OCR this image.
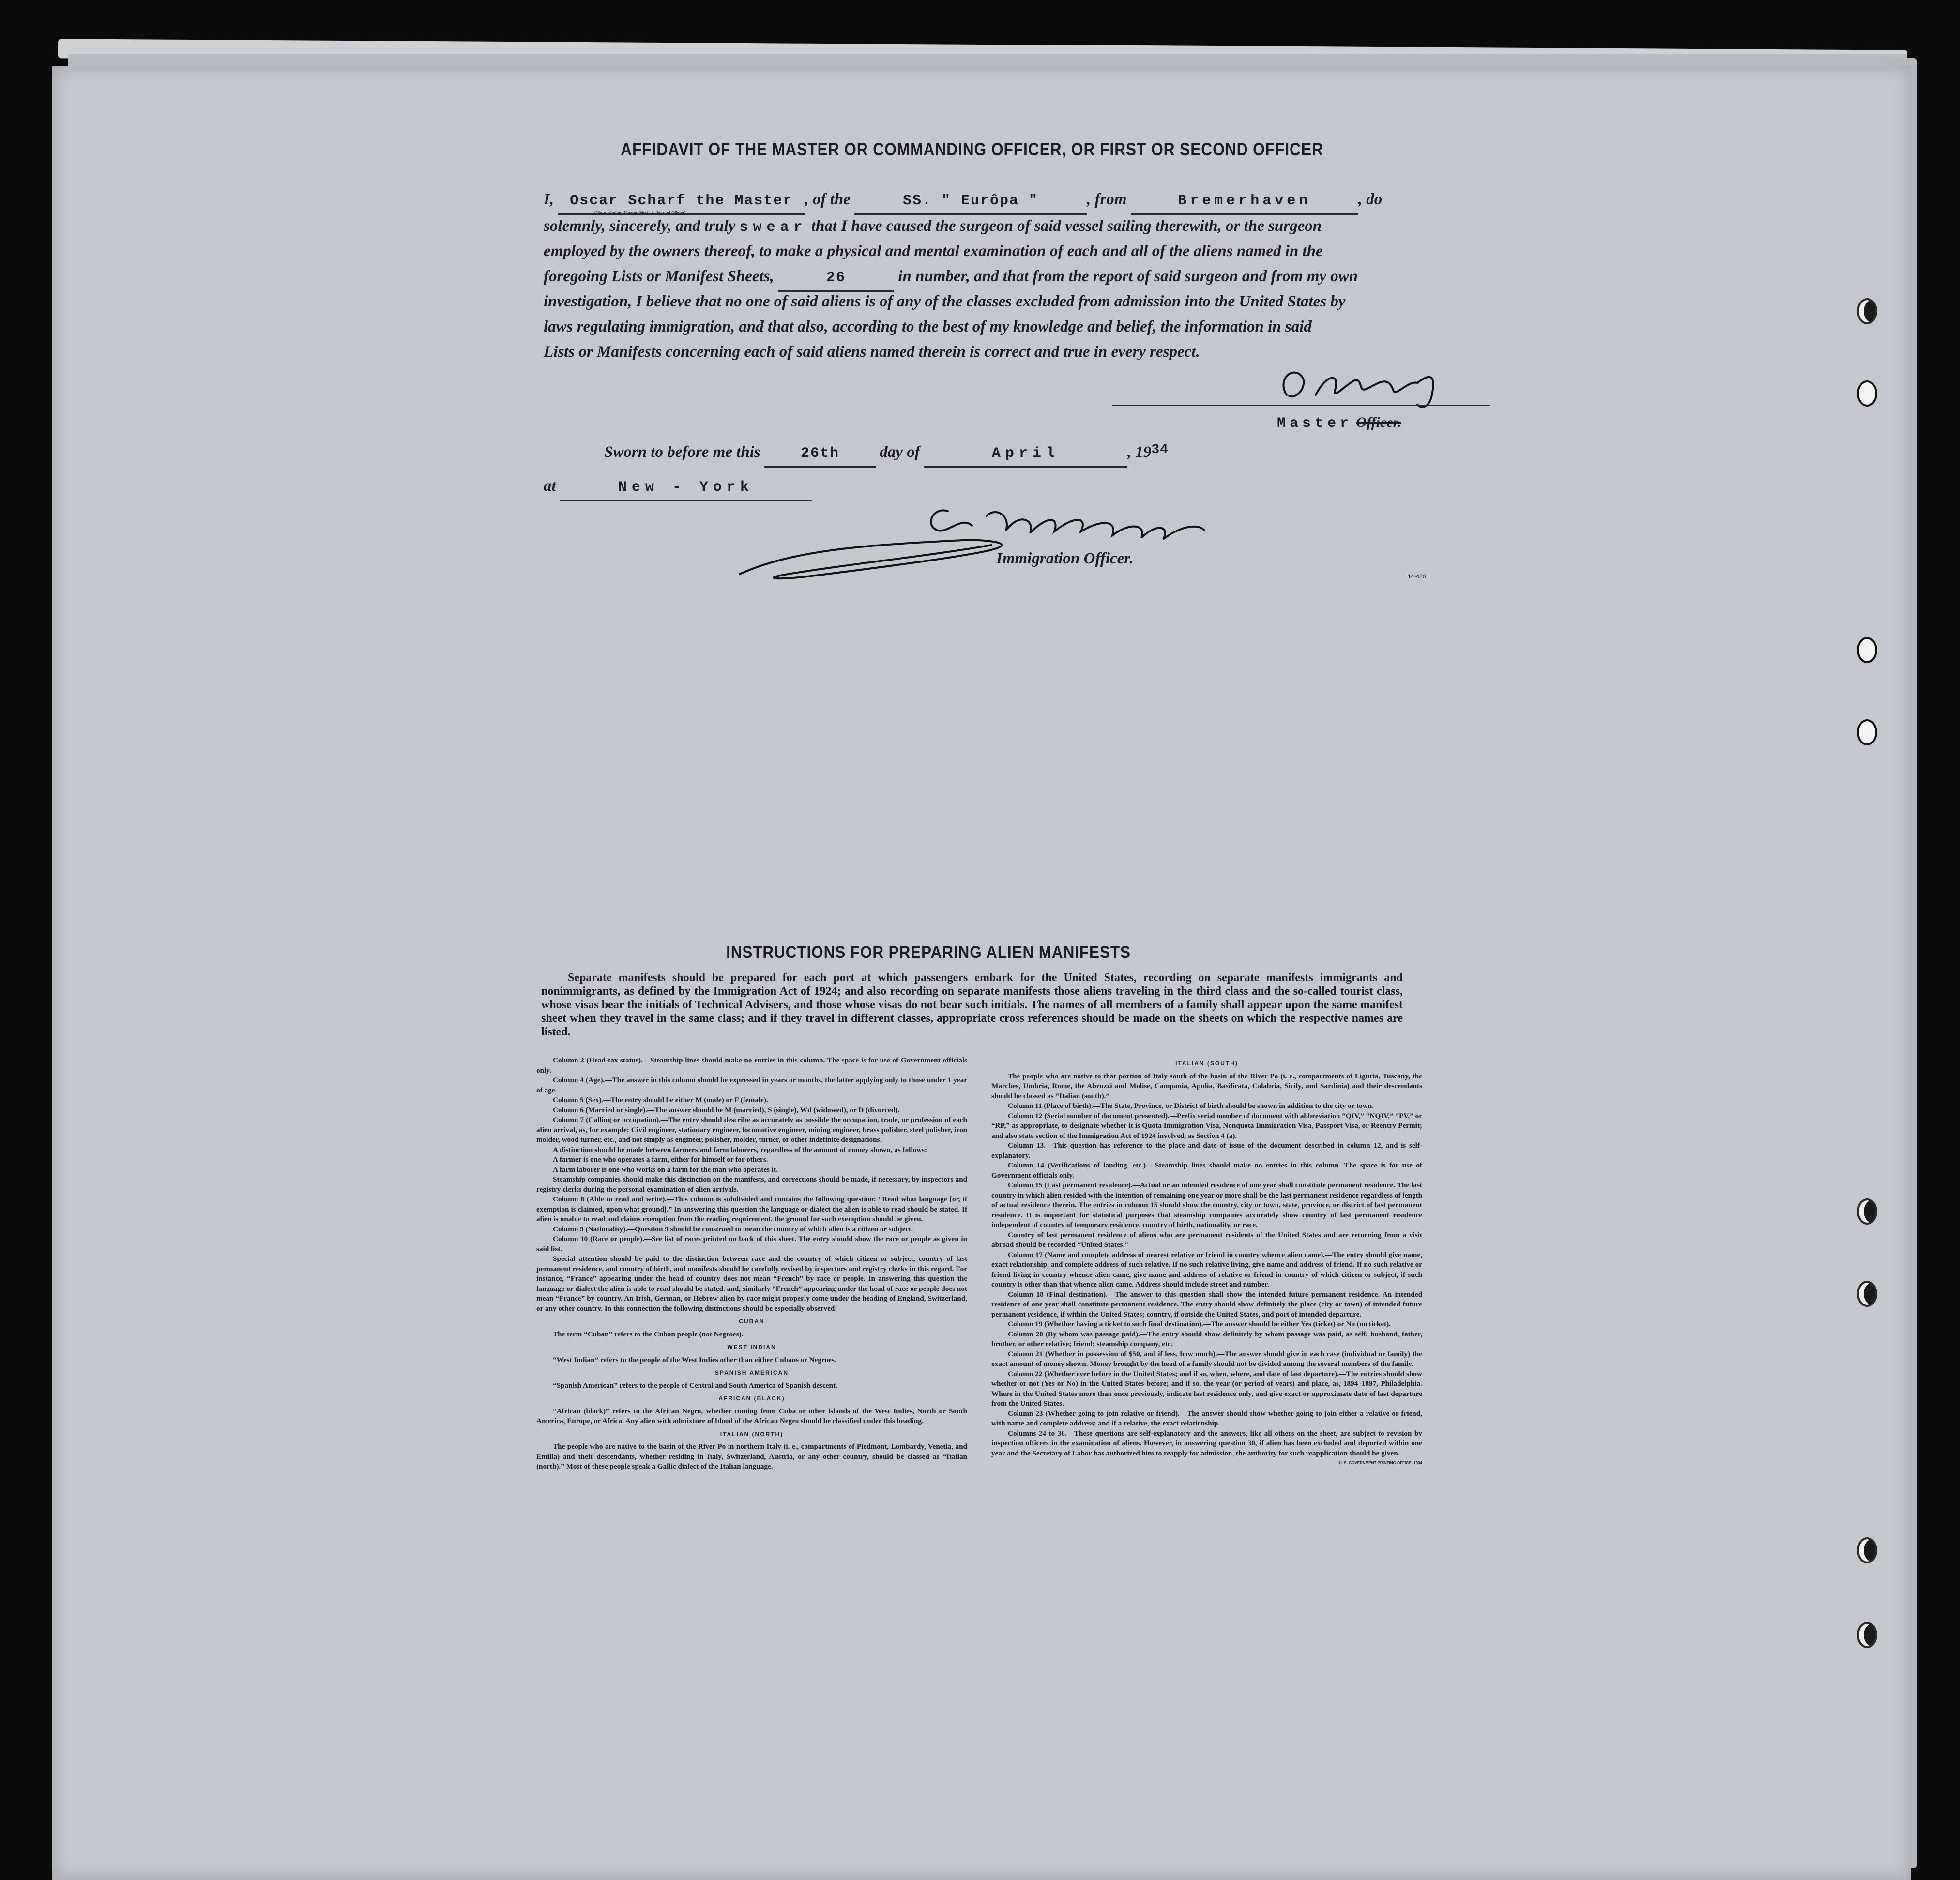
AFFIDAVIT OF THE MASTER OR COMMANDING OFFICER, OR FIRST OR SECOND OFFICER
I, Oscar Scharf the Master , of the	SS. " Eurôpa "	, from	Bremerhaven	, do
(State whether Master, First, or Second Officer)
solemnly, sincerely, and truly swear that I have caused the surgeon of said vessel sailing therewith, or the surgeon
employed by the owners thereof, to make a physical and mental examination of each and all of the aliens named in the
foregoing Lists or Manifest Sheets,	26	in number, and that from the report of said surgeon and from my own
investigation, I believe that no one of said aliens is of any of the classes excluded from admission into the United States by
laws regulating immigration, and that also, according to the best of my knowledge and belief, the information in said
Lists or Manifests concerning each of said aliens named therein is correct and true in every respect.
Master Officer.
Sworn to before me this	26th	day of	April	, $19^{34}$
at	New - York
Immigration Officer.
14-420
INSTRUCTIONS FOR PREPARING ALIEN MANIFESTS
Separate manifests should be prepared for each port at which passengers embark for the United States, recording on separate manifests immigrants and nonimmigrants, as defined by the Immigration Act of 1924; and also recording on separate manifests those aliens traveling in the third class and the so-called tourist class, whose visas bear the initials of Technical Advisers, and those whose visas do not bear such initials. The names of all members of a family shall appear upon the same manifest sheet when they travel in the same class; and if they travel in different classes, appropriate cross references should be made on the sheets on which the respective names are listed.

Column 2 (Head-tax status).—Steamship lines should make no entries in this column. The space is for use of Government officials only.

Column 4 (Age).—The answer in this column should be expressed in years or months, the latter applying only to those under 1 year of age.

Column 5 (Sex).—The entry should be either M (male) or F (female).

Column 6 (Married or single).—The answer should be M (married), S (single), Wd (widowed), or D (divorced).

Column 7 (Calling or occupation).—The entry should describe as accurately as possible the occupation, trade, or profession of each alien arrival, as, for example: Civil engineer, stationary engineer, locomotive engineer, mining engineer, brass polisher, steel polisher, iron molder, wood turner, etc., and not simply as engineer, polisher, molder, turner, or other indefinite designations.

A distinction should be made between farmers and farm laborers, regardless of the amount of money shown, as follows:

A farmer is one who operates a farm, either for himself or for others.

A farm laborer is one who works on a farm for the man who operates it.

Steamship companies should make this distinction on the manifests, and corrections should be made, if necessary, by inspectors and registry clerks during the personal examination of alien arrivals.

Column 8 (Able to read and write).—This column is subdivided and contains the following question: “Read what language [or, if exemption is claimed, upon what ground].” In answering this question the language or dialect the alien is able to read should be stated. If alien is unable to read and claims exemption from the reading requirement, the ground for such exemption should be given.

Column 9 (Nationality).—Question 9 should be construed to mean the country of which alien is a citizen or subject.

Column 10 (Race or people).—See list of races printed on back of this sheet. The entry should show the race or people as given in said list.

Special attention should be paid to the distinction between race and the country of which citizen or subject, country of last permanent residence, and country of birth, and manifests should be carefully revised by inspectors and registry clerks in this regard. For instance, “France” appearing under the head of country does not mean “French” by race or people. In answering this question the language or dialect the alien is able to read should be stated. and, similarly “French” appearing under the head of race or people does not mean “France” by country. An Irish, German, or Hebrew alien by race might properly come under the heading of England, Switzerland, or any other country. In this connection the following distinctions should be especially observed:

CUBAN

The term “Cuban” refers to the Cuban people (not Negroes).

WEST INDIAN

“West Indian” refers to the people of the West Indies other than either Cubans or Negroes.

SPANISH AMERICAN

“Spanish American” refers to the people of Central and South America of Spanish descent.

AFRICAN (BLACK)

“African (black)” refers to the African Negro, whether coming from Cuba or other islands of the West Indies, North or South America, Europe, or Africa. Any alien with admixture of blood of the African Negro should be classified under this heading.

ITALIAN (NORTH)

The people who are native to the basin of the River Po in northern Italy (i. e., compartments of Piedmont, Lombardy, Venetia, and Emilia) and their descendants, whether residing in Italy, Switzerland, Austria, or any other country, should be classed as “Italian (north).” Most of these people speak a Gallic dialect of the Italian language.

ITALIAN (SOUTH)

The people who are native to that portion of Italy south of the basin of the River Po (i. e., compartments of Liguria, Tuscany, the Marches, Umbria, Rome, the Abruzzi and Molise, Campania, Apulia, Basilicata, Calabria, Sicily, and Sardinia) and their descendants should be classed as “Italian (south).”

Column 11 (Place of birth).—The State, Province, or District of birth should be shown in addition to the city or town.

Column 12 (Serial number of document presented).—Prefix serial number of document with abbreviation “QIV,” “NQIV,” “PV,” or “RP,” as appropriate, to designate whether it is Quota Immigration Visa, Nonquota Immigration Visa, Passport Visa, or Reentry Permit; and also state section of the Immigration Act of 1924 involved, as Section 4 (a).

Column 13.—This question has reference to the place and date of issue of the document described in column 12, and is self-explanatory.

Column 14 (Verifications of landing, etc.).—Steamship lines should make no entries in this column. The space is for use of Government officials only.

Column 15 (Last permanent residence).—Actual or an intended residence of one year shall constitute permanent residence. The last country in which alien resided with the intention of remaining one year or more shall be the last permanent residence regardless of length of actual residence therein. The entries in column 15 should show the country, city or town, state, province, or district of last permanent residence. It is important for statistical purposes that steamship companies accurately show country of last permanent residence independent of country of temporary residence, country of birth, nationality, or race.

Country of last permanent residence of aliens who are permanent residents of the United States and are returning from a visit abroad should be recorded “United States.”

Column 17 (Name and complete address of nearest relative or friend in country whence alien came).—The entry should give name, exact relationship, and complete address of such relative. If no such relative living, give name and address of friend. If no such relative or friend living in country whence alien came, give name and address of relative or friend in country of which citizen or subject, if such country is other than that whence alien came. Address should include street and number.

Column 18 (Final destination).—The answer to this question shall show the intended future permanent residence. An intended residence of one year shall constitute permanent residence. The entry should show definitely the place (city or town) of intended future permanent residence, if within the United States; country, if outside the United States, and port of intended departure.

Column 19 (Whether having a ticket to such final destination).—The answer should be either Yes (ticket) or No (no ticket).

Column 20 (By whom was passage paid).—The entry should show definitely by whom passage was paid, as self; husband, father, brother, or other relative; friend; steamship company, etc.

Column 21 (Whether in possession of $50, and if less, how much).—The answer should give in each case (individual or family) the exact amount of money shown. Money brought by the head of a family should not be divided among the several members of the family.

Column 22 (Whether ever before in the United States; and if so, when, where, and date of last departure).—The entries should show whether or not (Yes or No) in the United States before; and if so, the year (or period of years) and place, as, 1894–1897, Philadelphia. Where in the United States more than once previously, indicate last residence only, and give exact or approximate date of last departure from the United States.

Column 23 (Whether going to join relative or friend).—The answer should show whether going to join either a relative or friend, with name and complete address; and if a relative, the exact relationship.

Columns 24 to 36.—These questions are self-explanatory and the answers, like all others on the sheet, are subject to revision by inspection officers in the examination of aliens. However, in answering question 30, if alien has been excluded and deported within one year and the Secretary of Labor has authorized him to reapply for admission, the authority for such reapplication should be given.

U. S. GOVERNMENT PRINTING OFFICE: 1934
